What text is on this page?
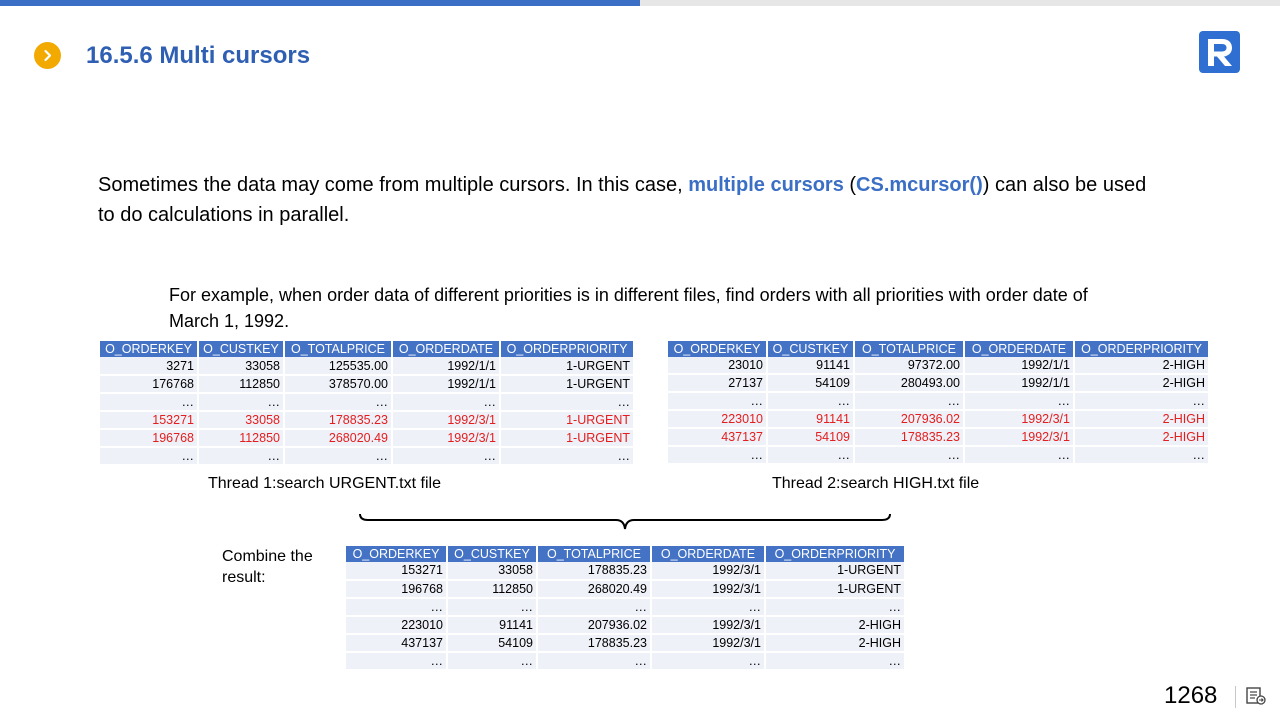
16.5.6 Multi cursors

Sometimes the data may come from multiple cursors. In this case, multiple cursors (CS.mcursor()) can also be used to do calculations in parallel.

For example, when order data of different priorities is in different files, find orders with all priorities with order date of March 1, 1992.

O_ORDERKEY	O_CUSTKEY	O_TOTALPRICE	O_ORDERDATE	O_ORDERPRIORITY
3271	33058	125535.00	1992/1/1	1-URGENT
176768	112850	378570.00	1992/1/1	1-URGENT
…	…	…	…	…
153271	33058	178835.23	1992/3/1	1-URGENT
196768	112850	268020.49	1992/3/1	1-URGENT
…	…	…	…	…
O_ORDERKEY	O_CUSTKEY	O_TOTALPRICE	O_ORDERDATE	O_ORDERPRIORITY
23010	91141	97372.00	1992/1/1	2-HIGH
27137	54109	280493.00	1992/1/1	2-HIGH
…	…	…	…	…
223010	91141	207936.02	1992/3/1	2-HIGH
437137	54109	178835.23	1992/3/1	2-HIGH
…	…	…	…	…
Thread 1:search URGENT.txt file	Thread 2:search HIGH.txt file
Combine the result:
O_ORDERKEY	O_CUSTKEY	O_TOTALPRICE	O_ORDERDATE	O_ORDERPRIORITY
153271	33058	178835.23	1992/3/1	1-URGENT
196768	112850	268020.49	1992/3/1	1-URGENT
…	…	…	…	…
223010	91141	207936.02	1992/3/1	2-HIGH
437137	54109	178835.23	1992/3/1	2-HIGH
…	…	…	…	…
1268
